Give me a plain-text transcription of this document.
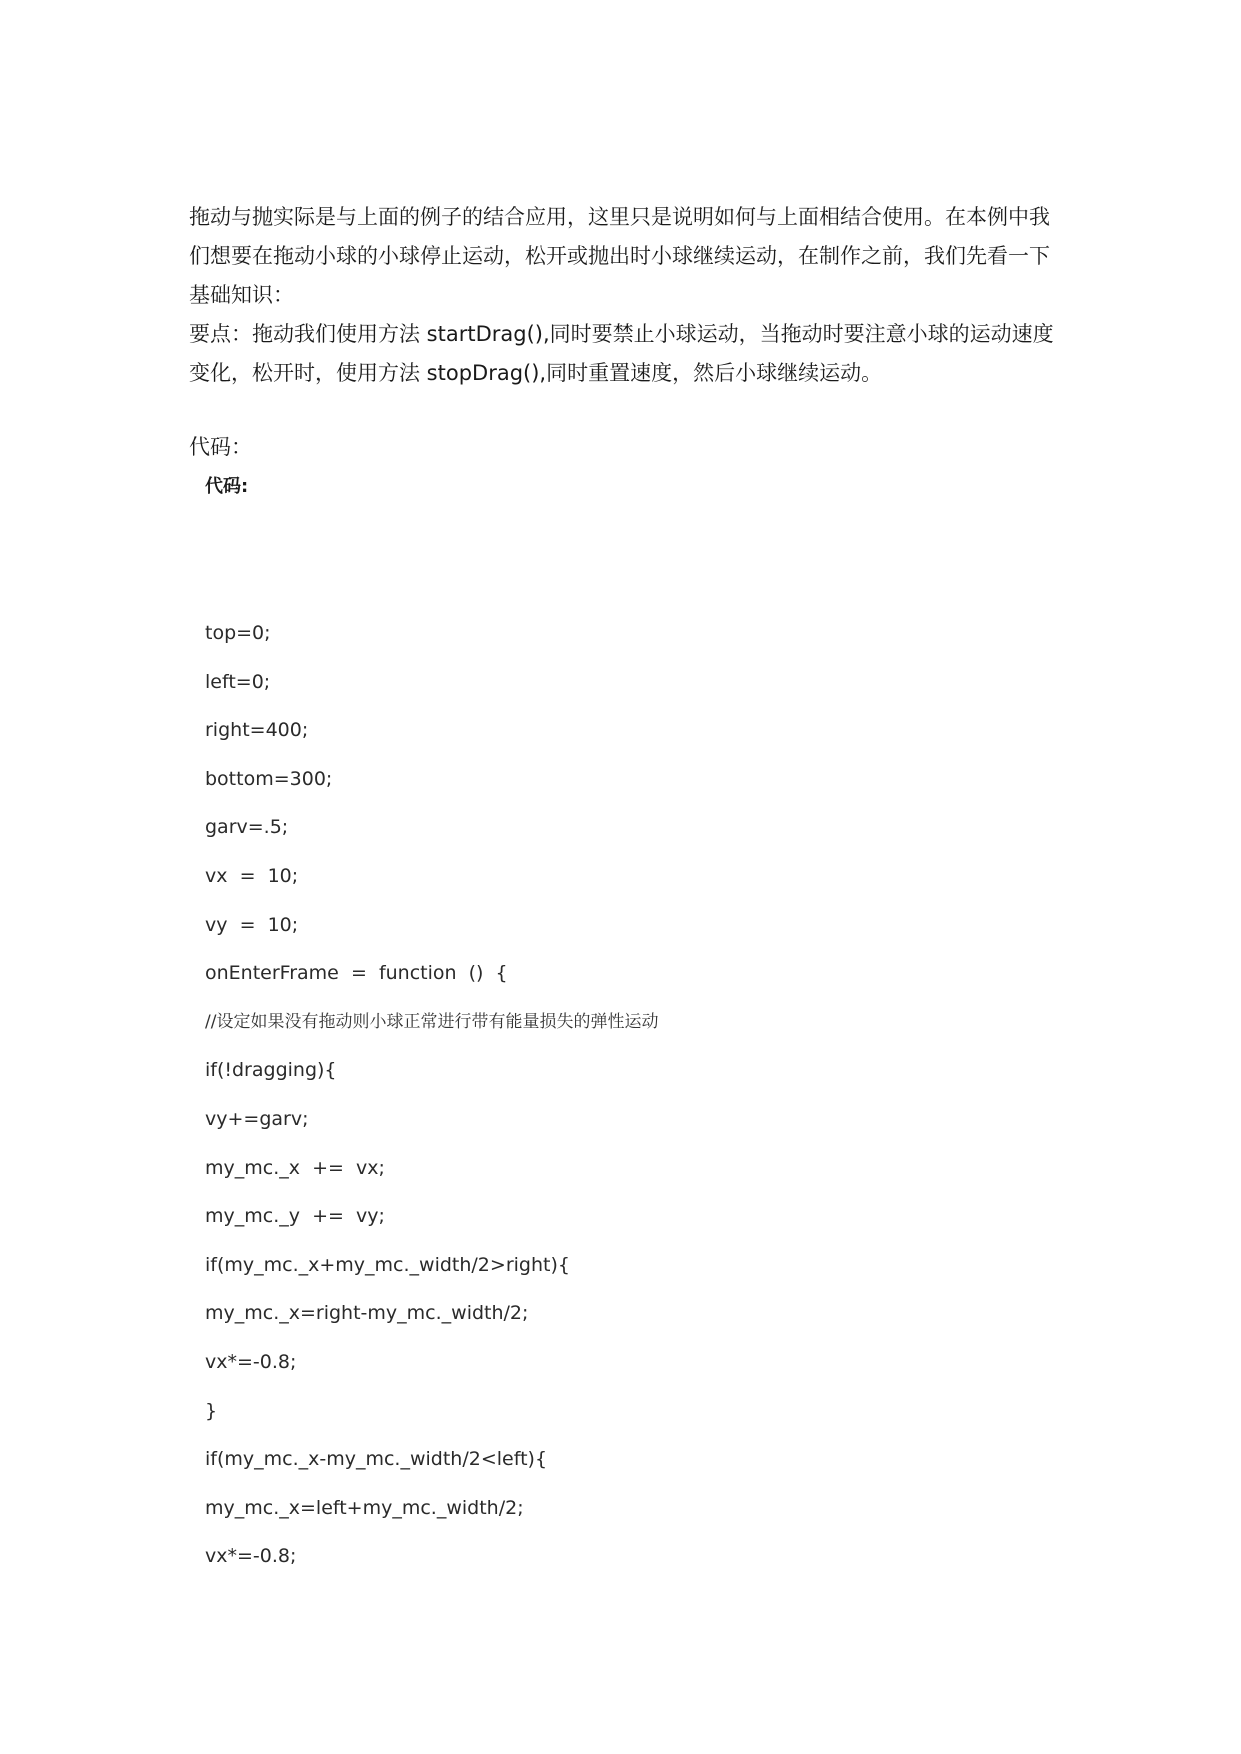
拖动与抛实际是与上面的例子的结合应用，这里只是说明如何与上面相结合使用。在本例中我们想要在拖动小球的小球停止运动，松开或抛出时小球继续运动，在制作之前，我们先看一下基础知识：

要点：拖动我们使用方法 startDrag(),同时要禁止小球运动，当拖动时要注意小球的运动速度变化，松开时，使用方法 stopDrag(),同时重置速度，然后小球继续运动。

代码：
代码:
top=0;
left=0;
right=400;
bottom=300;
garv=.5;
vx  =  10;
vy  =  10;
onEnterFrame  =  function  ()  {
//设定如果没有拖动则小球正常进行带有能量损失的弹性运动
if(!dragging){
vy+=garv;
my_mc._x  +=  vx;
my_mc._y  +=  vy;
if(my_mc._x+my_mc._width/2>right){
my_mc._x=right-my_mc._width/2;
vx*=-0.8;
}
if(my_mc._x-my_mc._width/2<left){
my_mc._x=left+my_mc._width/2;
vx*=-0.8;
